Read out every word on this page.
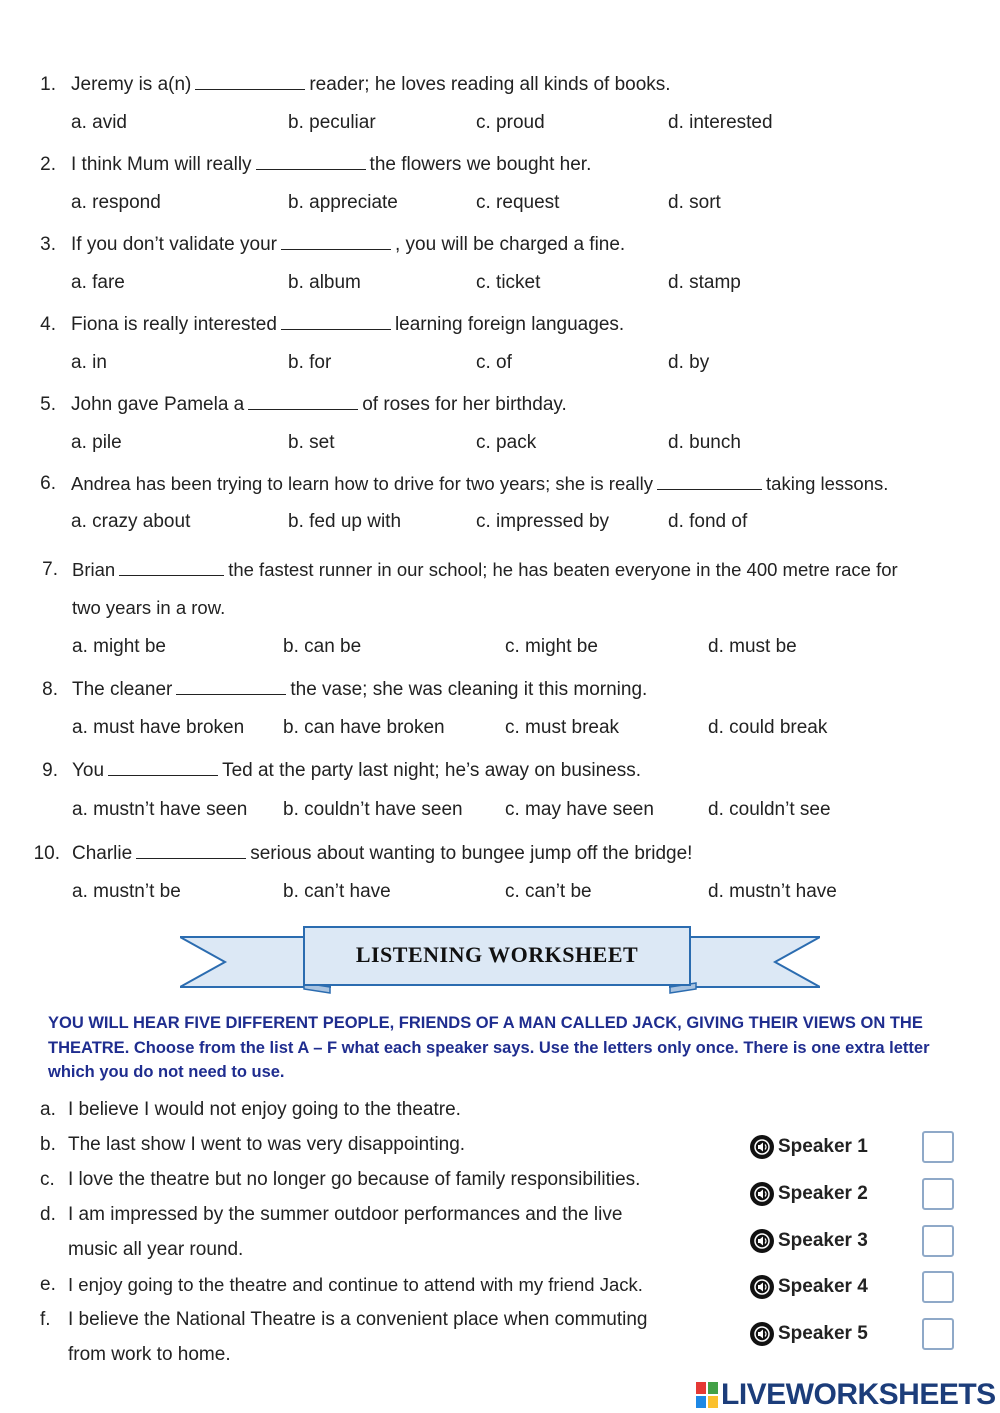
1. Jeremy is a(n)	reader; he loves reading all kinds of books.
a. avid	b. peculiar	c. proud	d. interested
2. I think Mum will really	the flowers we bought her.
a. respond	b. appreciate	c. request	d. sort
3. If you don’t validate your	, you will be charged a fine.
a. fare	b. album	c. ticket	d. stamp
4. Fiona is really interested	learning foreign languages.
a. in	b. for	c. of	d. by
5. John gave Pamela a	of roses for her birthday.
a. pile	b. set	c. pack	d. bunch
6. Andrea has been trying to learn how to drive for two years; she is really	taking lessons.
a. crazy about	b. fed up with	c. impressed by	d. fond of
7. Brian	the fastest runner in our school; he has beaten everyone in the 400 metre race for
two years in a row.
a. might be	b. can be	c. might be	d. must be
8. The cleaner	the vase; she was cleaning it this morning.
a. must have broken b. can have broken	c. must break	d. could break
9. You	Ted at the party last night; he’s away on business.
a. mustn’t have seen b. couldn’t have seen c. may have seen	d. couldn’t see
10. Charlie	serious about wanting to bungee jump off the bridge!
a. mustn’t be	b. can’t have	c. can’t be	d. mustn’t have
LISTENING WORKSHEET
YOU WILL HEAR FIVE DIFFERENT PEOPLE, FRIENDS OF A MAN CALLED JACK, GIVING THEIR VIEWS ON THE THEATRE. Choose from the list A – F what each speaker says. Use the letters only once. There is one extra letter which you do not need to use.
a. I believe I would not enjoy going to the theatre.
b. The last show I went to was very disappointing.
c. I love the theatre but no longer go because of family responsibilities.
d. I am impressed by the summer outdoor performances and the live
music all year round.
e. I enjoy going to the theatre and continue to attend with my friend Jack.
f. I believe the National Theatre is a convenient place when commuting
from work to home.
Speaker 1
Speaker 2
Speaker 3
Speaker 4
Speaker 5
LIVEWORKSHEETS
